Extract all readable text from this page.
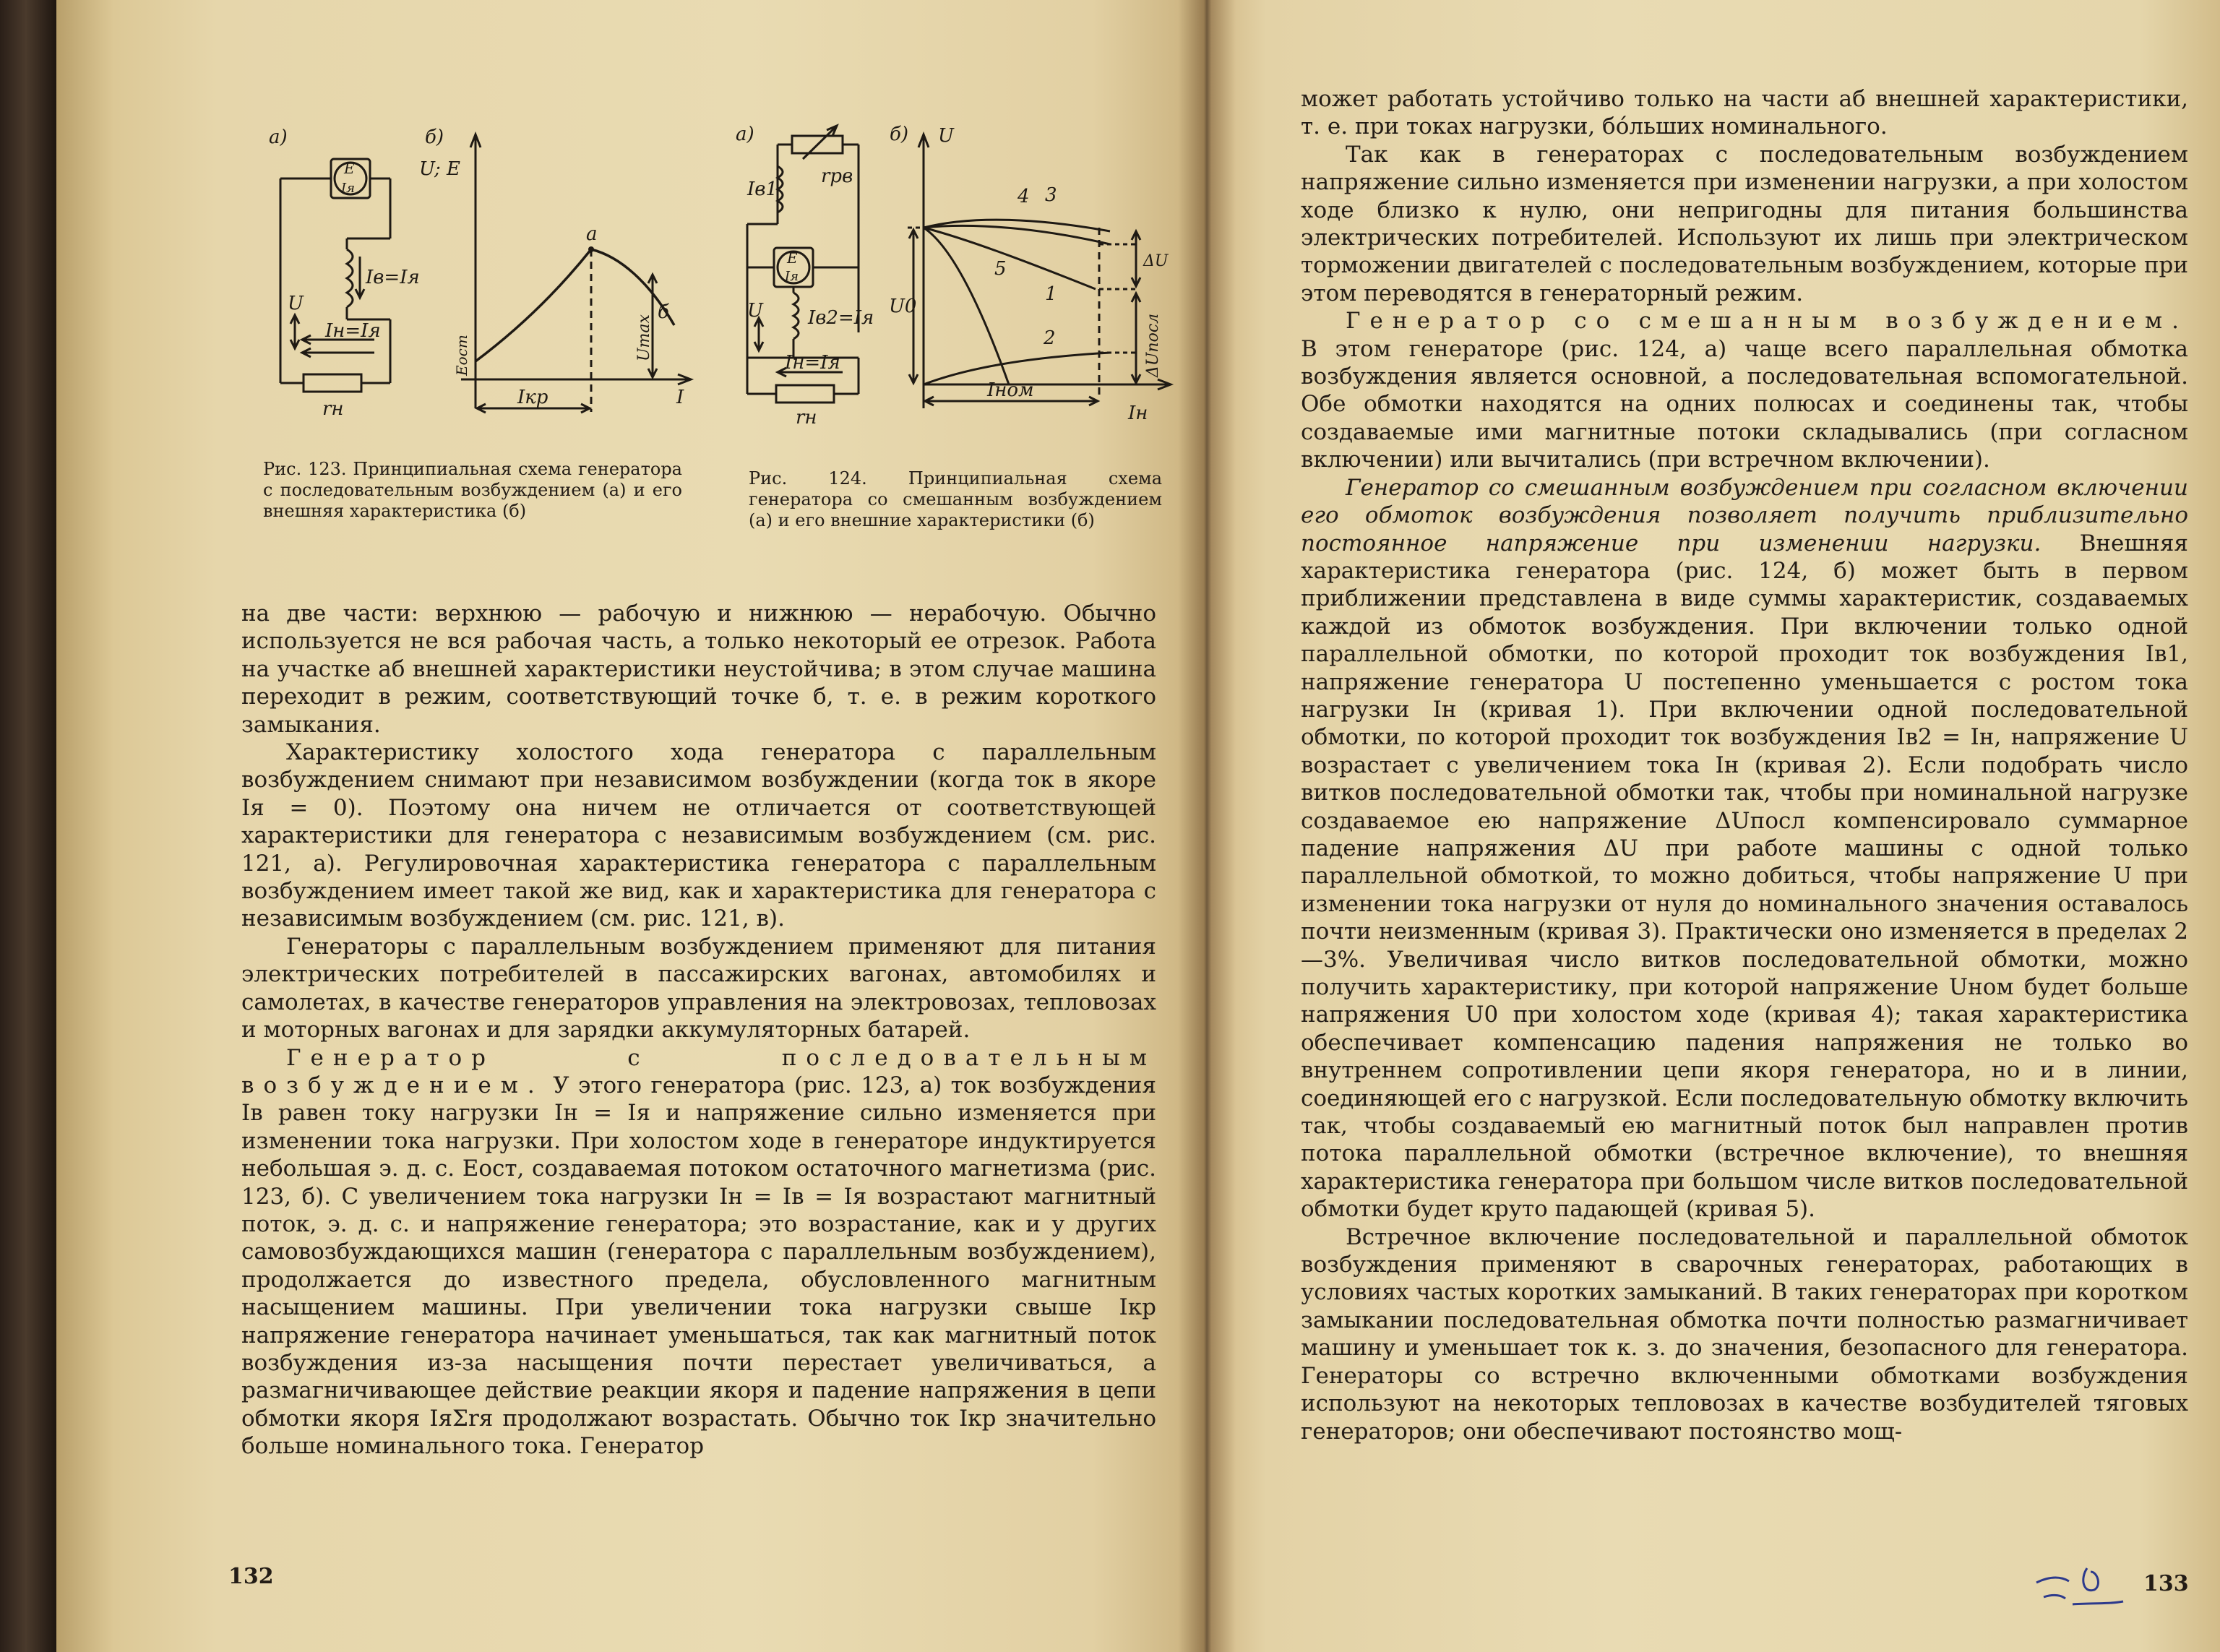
а)	б)
E
Iя
Iв=Iя
U
Iн=Iя
rн
U; E
a
б
Eост	Umax
I
Iкр

Рис. 123. Принципиальная схема генератора с последовательным возбуждением (а) и его внешняя характеристика (б)

а)	б) U
Iв1
rрв
E
Iя
U Iв2=Iя
Iн=Iя
rн
4 3
5
1
2
U0
ΔU
ΔUпосл
Iном
Iн

Рис. 124. Принципиальная схема генератора со смешанным возбуждением (а) и его внешние характеристики (б)

на две части: верхнюю — рабочую и нижнюю — нерабочую. Обычно используется не вся рабочая часть, а только некоторый ее отрезок. Работа на участке аб внешней характеристики неустойчива; в этом случае машина переходит в режим, соответствующий точке б, т. е. в режим короткого замыкания.

Характеристику холостого хода генератора с параллельным возбуждением снимают при независимом возбуждении (когда ток в якоре Iя = 0). Поэтому она ничем не отличается от соответствующей характеристики для генератора с независимым возбуждением (см. рис. 121, а). Регулировочная характеристика генератора с параллельным возбуждением имеет такой же вид, как и характеристика для генератора с независимым возбуждением (см. рис. 121, в).

Генераторы с параллельным возбуждением применяют для питания электрических потребителей в пассажирских вагонах, автомобилях и самолетах, в качестве генераторов управления на электровозах, тепловозах и моторных вагонах и для зарядки аккумуляторных батарей.

Генератор с последовательным возбуждением. У этого генератора (рис. 123, а) ток возбуждения Iв равен току нагрузки Iн = Iя и напряжение сильно изменяется при изменении тока нагрузки. При холостом ходе в генераторе индуктируется небольшая э. д. с. Eост, создаваемая потоком остаточного магнетизма (рис. 123, б). С увеличением тока нагрузки Iн = Iв = Iя возрастают магнитный поток, э. д. с. и напряжение генератора; это возрастание, как и у других самовозбуждающихся машин (генератора с параллельным возбуждением), продолжается до известного предела, обусловленного магнитным насыщением машины. При увеличении тока нагрузки свыше Iкр напряжение генератора начинает уменьшаться, так как магнитный поток возбуждения из-за насыщения почти перестает увеличиваться, а размагничивающее действие реакции якоря и падение напряжения в цепи обмотки якоря IяΣrя продолжают возрастать. Обычно ток Iкр значительно больше номинального тока. Генератор

132

может работать устойчиво только на части аб внешней характеристики, т. е. при токах нагрузки, бóльших номинального.

Так как в генераторах с последовательным возбуждением напряжение сильно изменяется при изменении нагрузки, а при холостом ходе близко к нулю, они непригодны для питания большинства электрических потребителей. Используют их лишь при электрическом торможении двигателей с последовательным возбуждением, которые при этом переводятся в генераторный режим.

Генератор со смешанным возбуждением. В этом генераторе (рис. 124, а) чаще всего параллельная обмотка возбуждения является основной, а последовательная вспомогательной. Обе обмотки находятся на одних полюсах и соединены так, чтобы создаваемые ими магнитные потоки складывались (при согласном включении) или вычитались (при встречном включении).

Генератор со смешанным возбуждением при согласном включении его обмоток возбуждения позволяет получить приблизительно постоянное напряжение при изменении нагрузки. Внешняя характеристика генератора (рис. 124, б) может быть в первом приближении представлена в виде суммы характеристик, создаваемых каждой из обмоток возбуждения. При включении только одной параллельной обмотки, по которой проходит ток возбуждения Iв1, напряжение генератора U постепенно уменьшается с ростом тока нагрузки Iн (кривая 1). При включении одной последовательной обмотки, по которой проходит ток возбуждения Iв2 = Iн, напряжение U возрастает с увеличением тока Iн (кривая 2). Если подобрать число витков последовательной обмотки так, чтобы при номинальной нагрузке создаваемое ею напряжение ΔUпосл компенсировало суммарное падение напряжения ΔU при работе машины с одной только параллельной обмоткой, то можно добиться, чтобы напряжение U при изменении тока нагрузки от нуля до номинального значения оставалось почти неизменным (кривая 3). Практически оно изменяется в пределах 2—3%. Увеличивая число витков последовательной обмотки, можно получить характеристику, при которой напряжение Uном будет больше напряжения U0 при холостом ходе (кривая 4); такая характеристика обеспечивает компенсацию падения напряжения не только во внутреннем сопротивлении цепи якоря генератора, но и в линии, соединяющей его с нагрузкой. Если последовательную обмотку включить так, чтобы создаваемый ею магнитный поток был направлен против потока параллельной обмотки (встречное включение), то внешняя характеристика генератора при большом числе витков последовательной обмотки будет круто падающей (кривая 5).

Встречное включение последовательной и параллельной обмоток возбуждения применяют в сварочных генераторах, работающих в условиях частых коротких замыканий. В таких генераторах при коротком замыкании последовательная обмотка почти полностью размагничивает машину и уменьшает ток к. з. до значения, безопасного для генератора. Генераторы со встречно включенными обмотками возбуждения используют на некоторых тепловозах в качестве возбудителей тяговых генераторов; они обеспечивают постоянство мощ-

133
